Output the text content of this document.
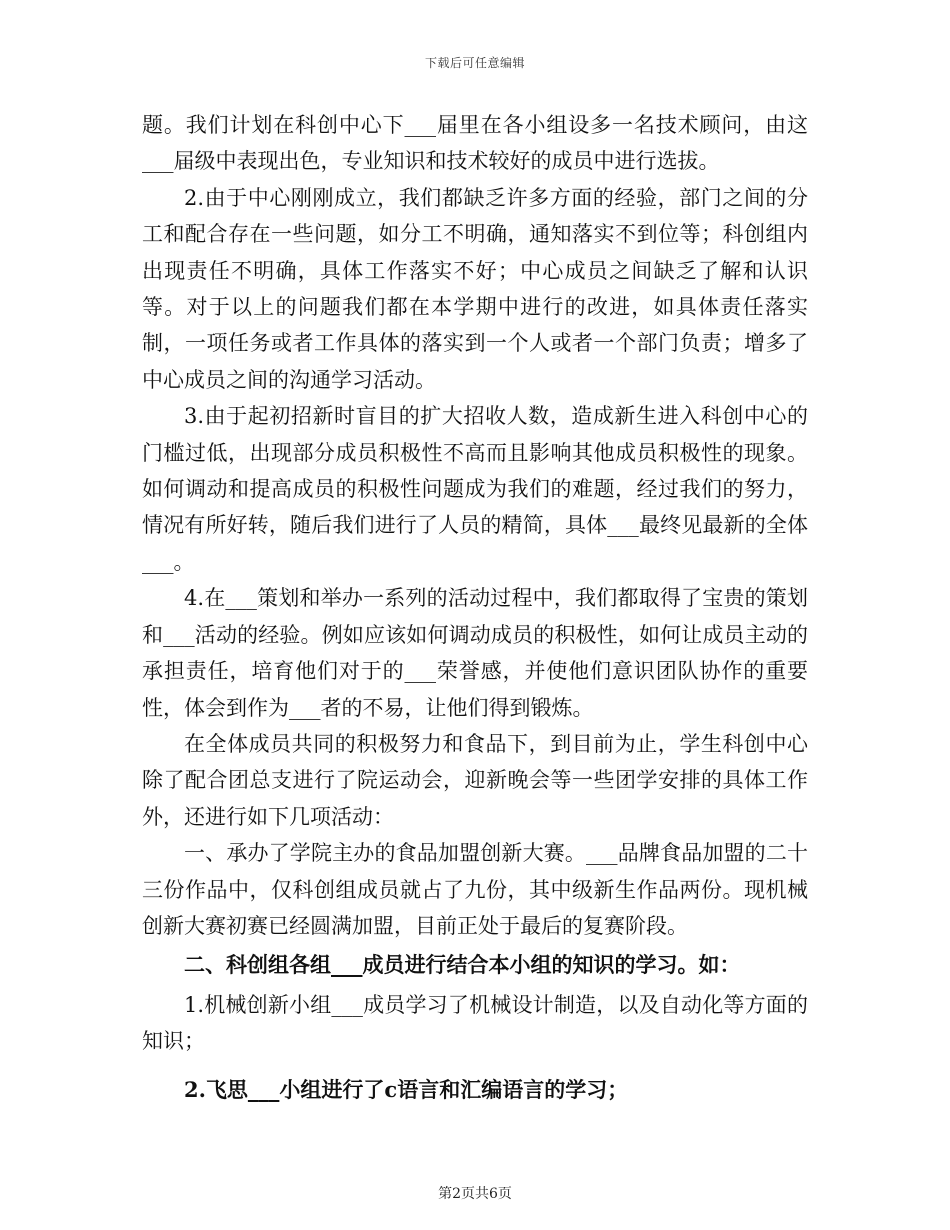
下载后可任意编辑

题。我们计划在科创中心下___届里在各小组设多一名技术顾问，由这___届级中表现出色，专业知识和技术较好的成员中进行选拔。

2.由于中心刚刚成立，我们都缺乏许多方面的经验，部门之间的分工和配合存在一些问题，如分工不明确，通知落实不到位等；科创组内出现责任不明确，具体工作落实不好；中心成员之间缺乏了解和认识等。对于以上的问题我们都在本学期中进行的改进，如具体责任落实制，一项任务或者工作具体的落实到一个人或者一个部门负责；增多了中心成员之间的沟通学习活动。

3.由于起初招新时盲目的扩大招收人数，造成新生进入科创中心的门槛过低，出现部分成员积极性不高而且影响其他成员积极性的现象。如何调动和提高成员的积极性问题成为我们的难题，经过我们的努力，情况有所好转，随后我们进行了人员的精简，具体___最终见最新的全体___。

4.在___策划和举办一系列的活动过程中，我们都取得了宝贵的策划和___活动的经验。例如应该如何调动成员的积极性，如何让成员主动的承担责任，培育他们对于的___荣誉感，并使他们意识团队协作的重要性，体会到作为___者的不易，让他们得到锻炼。

在全体成员共同的积极努力和食品下，到目前为止，学生科创中心除了配合团总支进行了院运动会，迎新晚会等一些团学安排的具体工作外，还进行如下几项活动：

一、承办了学院主办的食品加盟创新大赛。___品牌食品加盟的二十三份作品中，仅科创组成员就占了九份，其中级新生作品两份。现机械创新大赛初赛已经圆满加盟，目前正处于最后的复赛阶段。

二、科创组各组___成员进行结合本小组的知识的学习。如：

1.机械创新小组___成员学习了机械设计制造，以及自动化等方面的知识；

2.飞思___小组进行了c语言和汇编语言的学习；

第2页共6页
